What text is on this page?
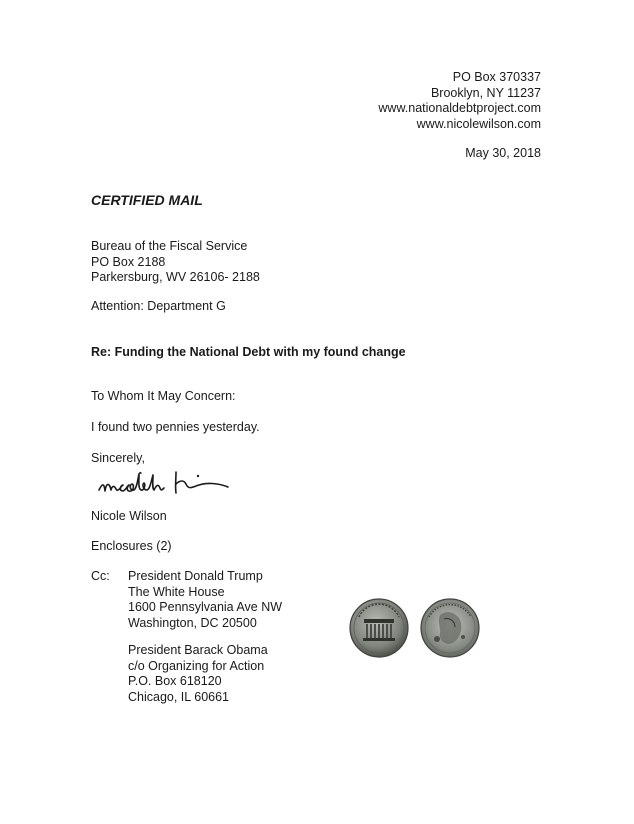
PO Box 370337
Brooklyn, NY 11237
www.nationaldebtproject.com
www.nicolewilson.com
May 30, 2018
CERTIFIED MAIL
Bureau of the Fiscal Service
PO Box 2188
Parkersburg, WV 26106- 2188
Attention: Department G
Re: Funding the National Debt with my found change
To Whom It May Concern:
I found two pennies yesterday.
Sincerely,
Nicole Wilson
Enclosures (2)
Cc: President Donald Trump
The White House
1600 Pennsylvania Ave NW
Washington, DC 20500
President Barack Obama
c/o Organizing for Action
P.O. Box 618120
Chicago, IL 60661
